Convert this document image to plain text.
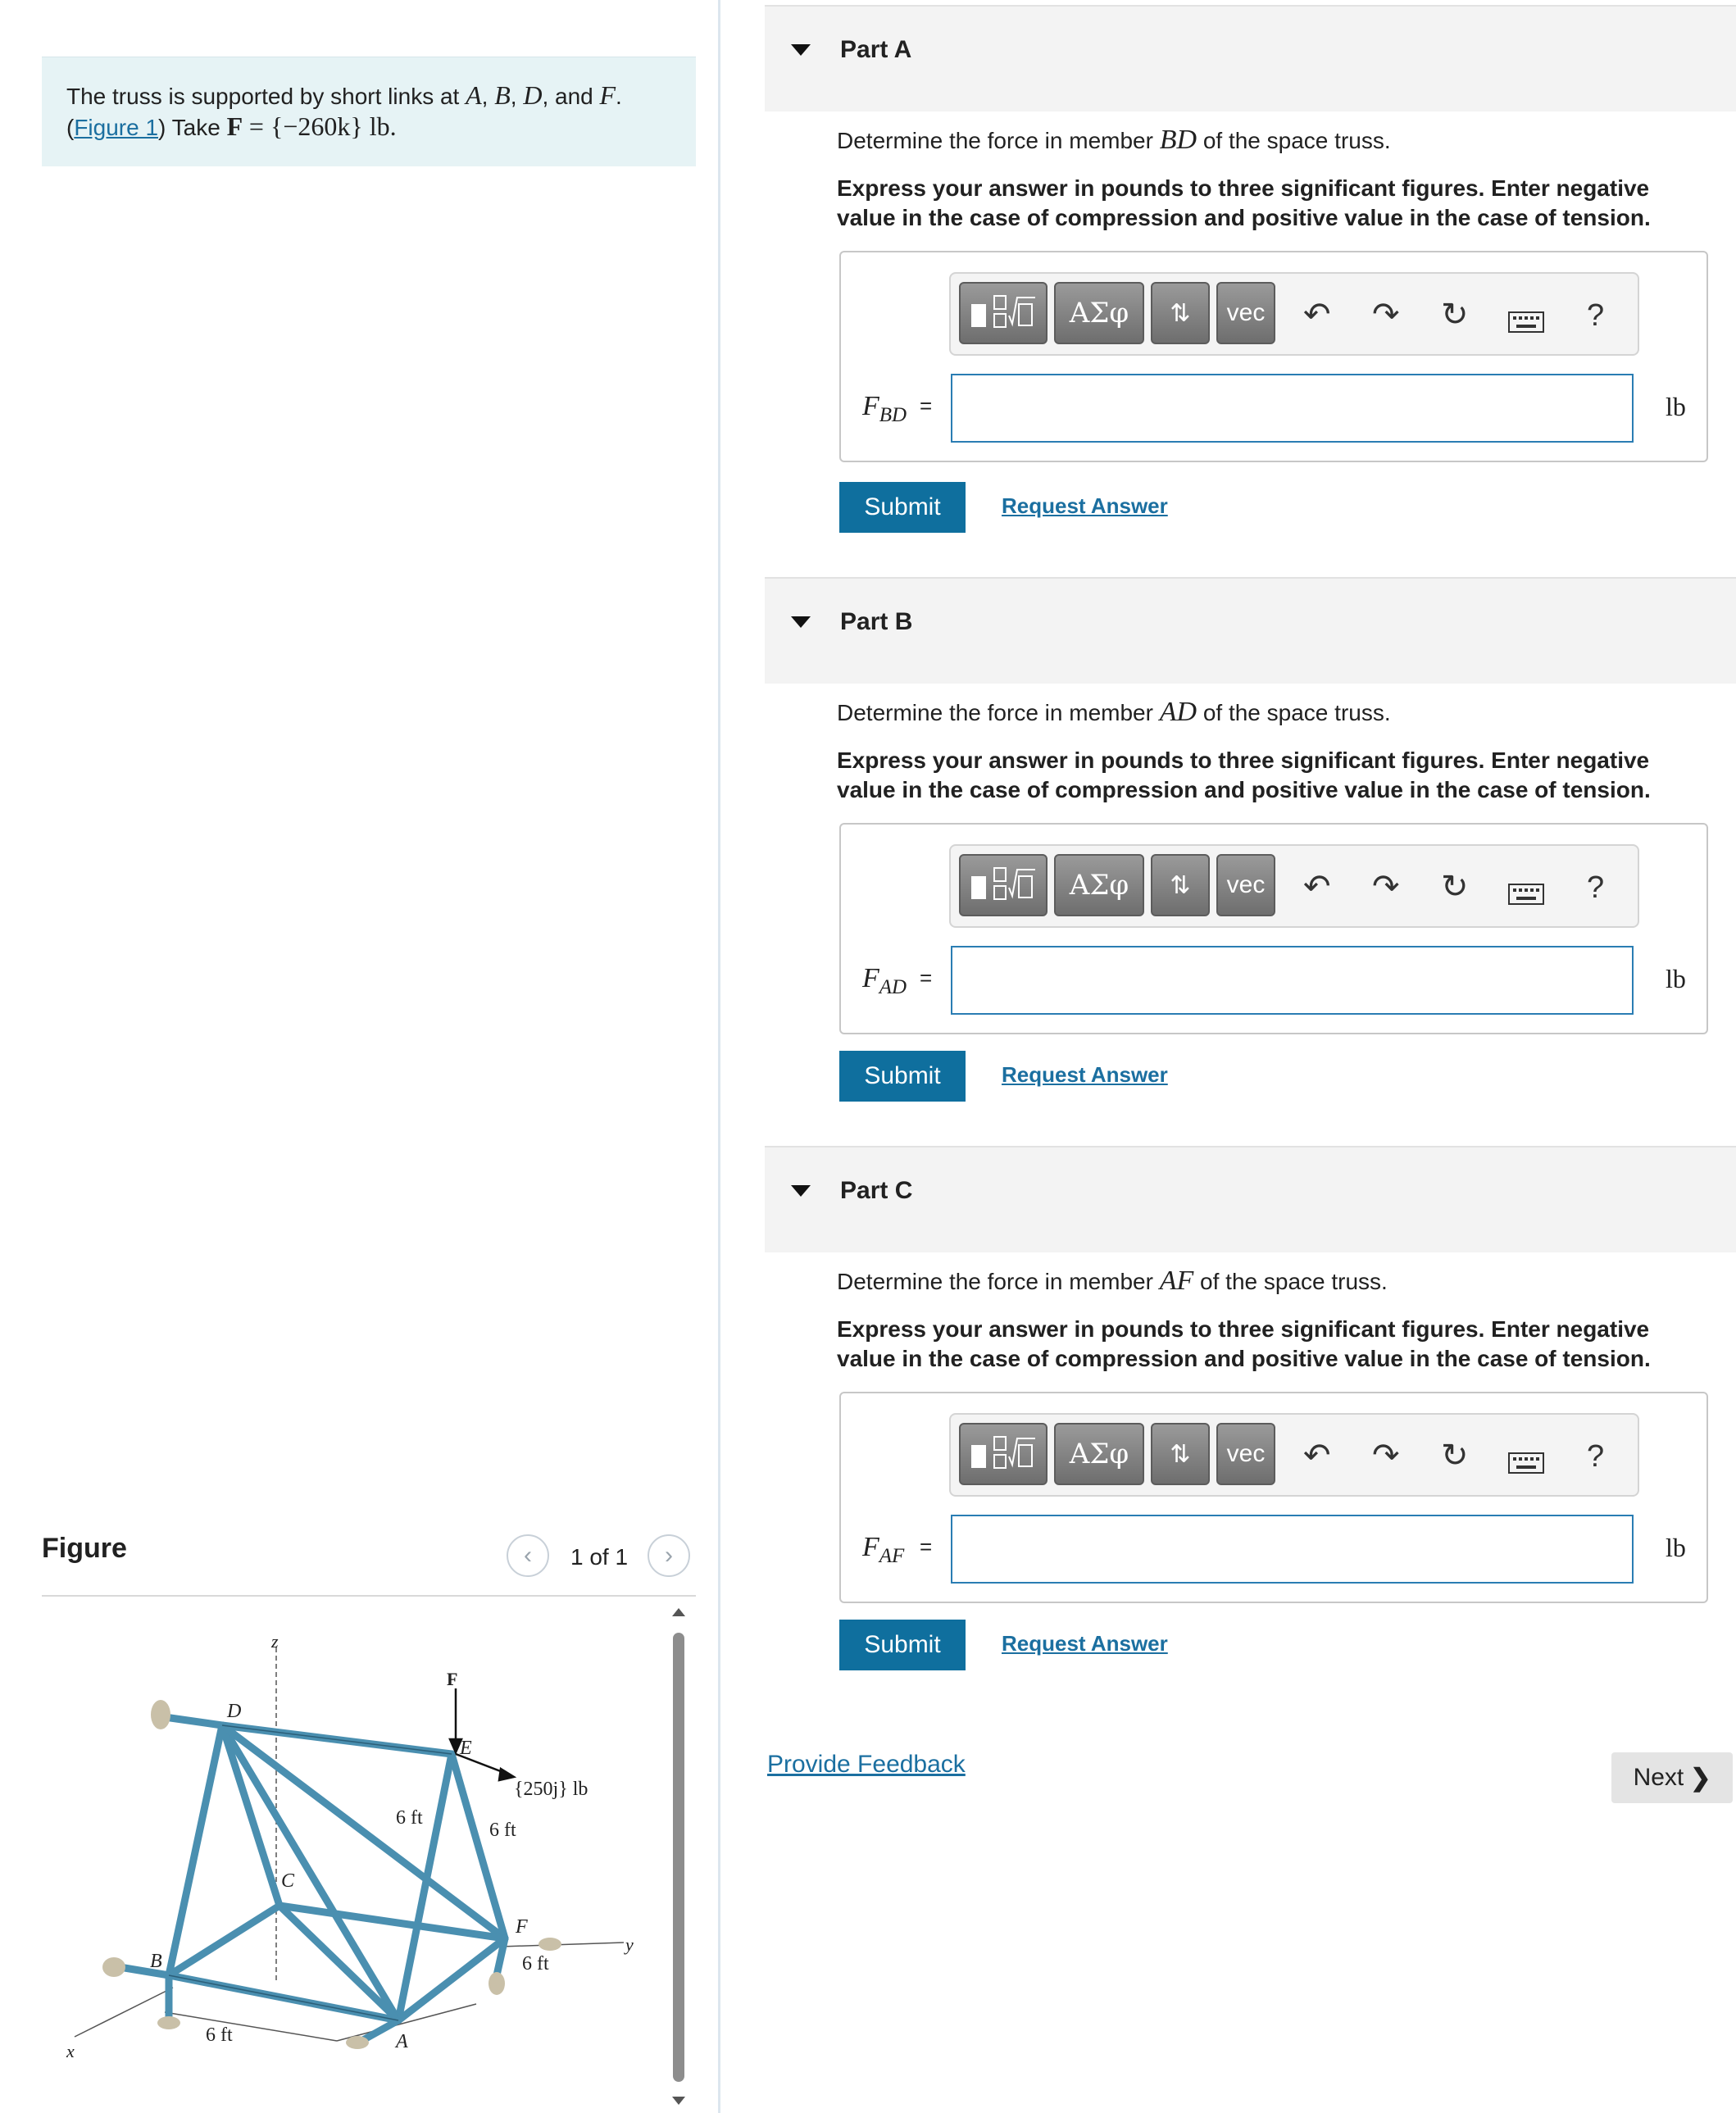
The truss is supported by short links at A, B, D, and F.
(Figure 1) Take F = {−260k} lb.
Figure	‹ 1 of 1 ›
z
x
y
D
E
F
C
F
B
A
{250j} lb
6 ft
6 ft
6 ft
6 ft
Part A
Determine the force in member BD of the space truss.
Express your answer in pounds to three significant figures. Enter negative value in the case of compression and positive value in the case of tension.
ΑΣφ	⇅	vec	↶ ↷ ↻	?
$F_{BD}$ =	lb
Submit	Request Answer
Part B
Determine the force in member AD of the space truss.
Express your answer in pounds to three significant figures. Enter negative value in the case of compression and positive value in the case of tension.
ΑΣφ	⇅	vec	↶ ↷ ↻	?
$F_{AD}$ =	lb
Submit	Request Answer
Part C
Determine the force in member AF of the space truss.
Express your answer in pounds to three significant figures. Enter negative value in the case of compression and positive value in the case of tension.
ΑΣφ	⇅	vec	↶ ↷ ↻	?
$F_{AF}$ =	lb
Submit	Request Answer
Provide Feedback	Next ❯
